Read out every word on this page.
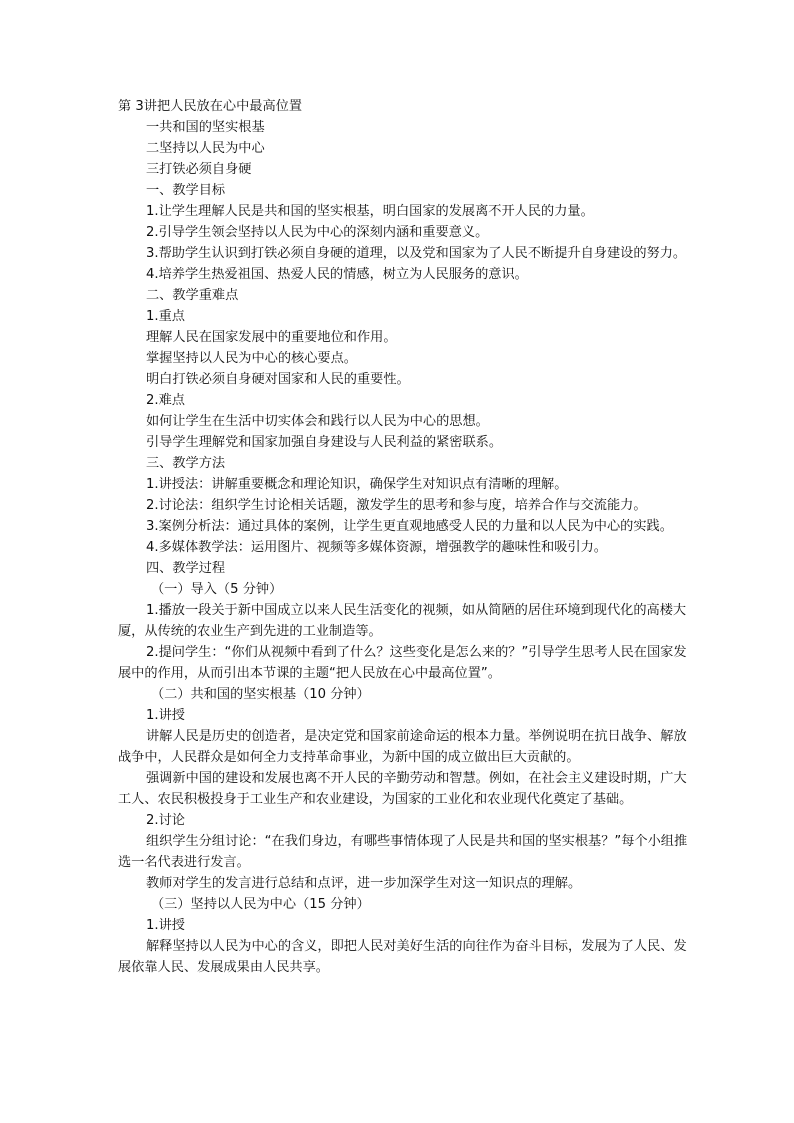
第 3讲把人民放在心中最高位置

一共和国的坚实根基

二坚持以人民为中心

三打铁必须自身硬

一、教学目标

1.让学生理解人民是共和国的坚实根基，明白国家的发展离不开人民的力量。

2.引导学生领会坚持以人民为中心的深刻内涵和重要意义。

3.帮助学生认识到打铁必须自身硬的道理，以及党和国家为了人民不断提升自身建设的努力。

4.培养学生热爱祖国、热爱人民的情感，树立为人民服务的意识。

二、教学重难点

1.重点

理解人民在国家发展中的重要地位和作用。

掌握坚持以人民为中心的核心要点。

明白打铁必须自身硬对国家和人民的重要性。

2.难点

如何让学生在生活中切实体会和践行以人民为中心的思想。

引导学生理解党和国家加强自身建设与人民利益的紧密联系。

三、教学方法

1.讲授法：讲解重要概念和理论知识，确保学生对知识点有清晰的理解。

2.讨论法：组织学生讨论相关话题，激发学生的思考和参与度，培养合作与交流能力。

3.案例分析法：通过具体的案例，让学生更直观地感受人民的力量和以人民为中心的实践。

4.多媒体教学法：运用图片、视频等多媒体资源，增强教学的趣味性和吸引力。

四、教学过程

（一）导入（5 分钟）

1.播放一段关于新中国成立以来人民生活变化的视频，如从简陋的居住环境到现代化的高楼大厦，从传统的农业生产到先进的工业制造等。

2.提问学生：“你们从视频中看到了什么？这些变化是怎么来的？”引导学生思考人民在国家发展中的作用，从而引出本节课的主题“把人民放在心中最高位置”。

（二）共和国的坚实根基（10 分钟）

1.讲授

讲解人民是历史的创造者，是决定党和国家前途命运的根本力量。举例说明在抗日战争、解放战争中，人民群众是如何全力支持革命事业，为新中国的成立做出巨大贡献的。

强调新中国的建设和发展也离不开人民的辛勤劳动和智慧。例如，在社会主义建设时期，广大工人、农民积极投身于工业生产和农业建设，为国家的工业化和农业现代化奠定了基础。

2.讨论

组织学生分组讨论：“在我们身边，有哪些事情体现了人民是共和国的坚实根基？”每个小组推选一名代表进行发言。

教师对学生的发言进行总结和点评，进一步加深学生对这一知识点的理解。

（三）坚持以人民为中心（15 分钟）

1.讲授

解释坚持以人民为中心的含义，即把人民对美好生活的向往作为奋斗目标，发展为了人民、发展依靠人民、发展成果由人民共享。
